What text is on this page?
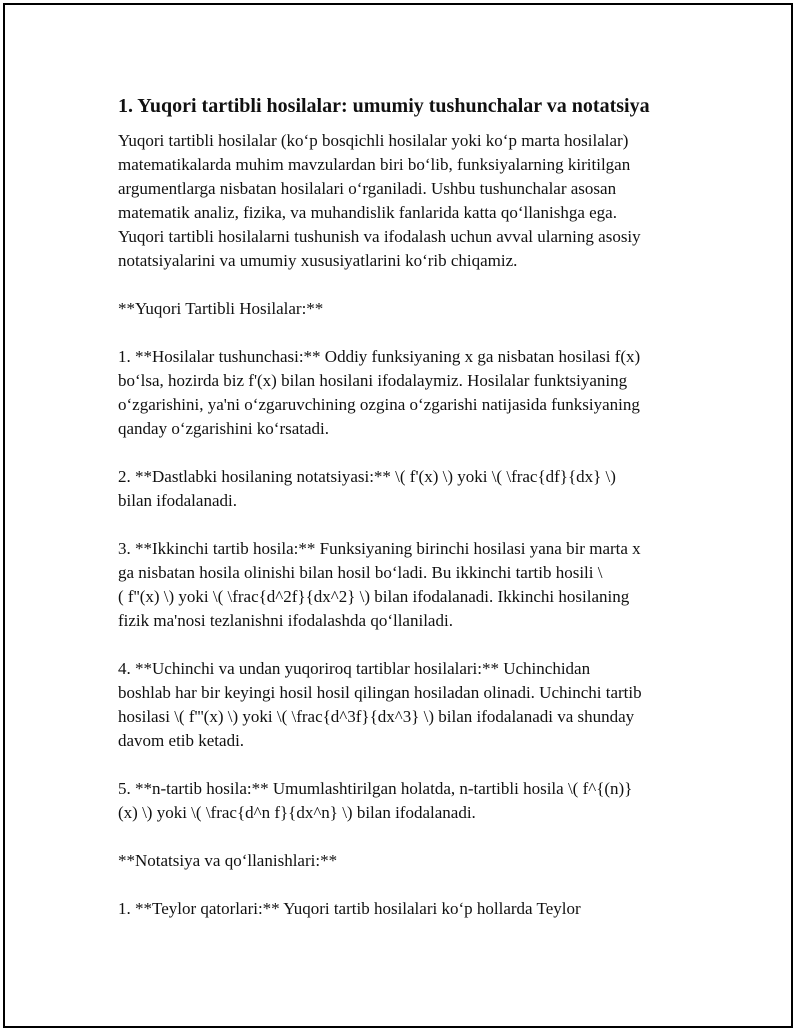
1. Yuqori tartibli hosilalar: umumiy tushunchalar va notatsiya

Yuqori tartibli hosilalar (ko‘p bosqichli hosilalar yoki ko‘p marta hosilalar)
matematikalarda muhim mavzulardan biri bo‘lib, funksiyalarning kiritilgan
argumentlarga nisbatan hosilalari o‘rganiladi. Ushbu tushunchalar asosan
matematik analiz, fizika, va muhandislik fanlarida katta qo‘llanishga ega.
Yuqori tartibli hosilalarni tushunish va ifodalash uchun avval ularning asosiy
notatsiyalarini va umumiy xususiyatlarini ko‘rib chiqamiz.

**Yuqori Tartibli Hosilalar:**

1. **Hosilalar tushunchasi:** Oddiy funksiyaning x ga nisbatan hosilasi f(x)
bo‘lsa, hozirda biz f'(x) bilan hosilani ifodalaymiz. Hosilalar funktsiyaning
o‘zgarishini, ya'ni o‘zgaruvchining ozgina o‘zgarishi natijasida funksiyaning
qanday o‘zgarishini ko‘rsatadi.

2. **Dastlabki hosilaning notatsiyasi:** \( f'(x) \) yoki \( \frac{df}{dx} \)
bilan ifodalanadi.

3. **Ikkinchi tartib hosila:** Funksiyaning birinchi hosilasi yana bir marta x
ga nisbatan hosila olinishi bilan hosil bo‘ladi. Bu ikkinchi tartib hosili \
( f''(x) \) yoki \( \frac{d^2f}{dx^2} \) bilan ifodalanadi. Ikkinchi hosilaning
fizik ma'nosi tezlanishni ifodalashda qo‘llaniladi.

4. **Uchinchi va undan yuqoriroq tartiblar hosilalari:** Uchinchidan
boshlab har bir keyingi hosil hosil qilingan hosiladan olinadi. Uchinchi tartib
hosilasi \( f'''(x) \) yoki \( \frac{d^3f}{dx^3} \) bilan ifodalanadi va shunday
davom etib ketadi.

5. **n-tartib hosila:** Umumlashtirilgan holatda, n-tartibli hosila \( f^{(n)}
(x) \) yoki \( \frac{d^n f}{dx^n} \) bilan ifodalanadi.

**Notatsiya va qo‘llanishlari:**

1. **Teylor qatorlari:** Yuqori tartib hosilalari ko‘p hollarda Teylor
